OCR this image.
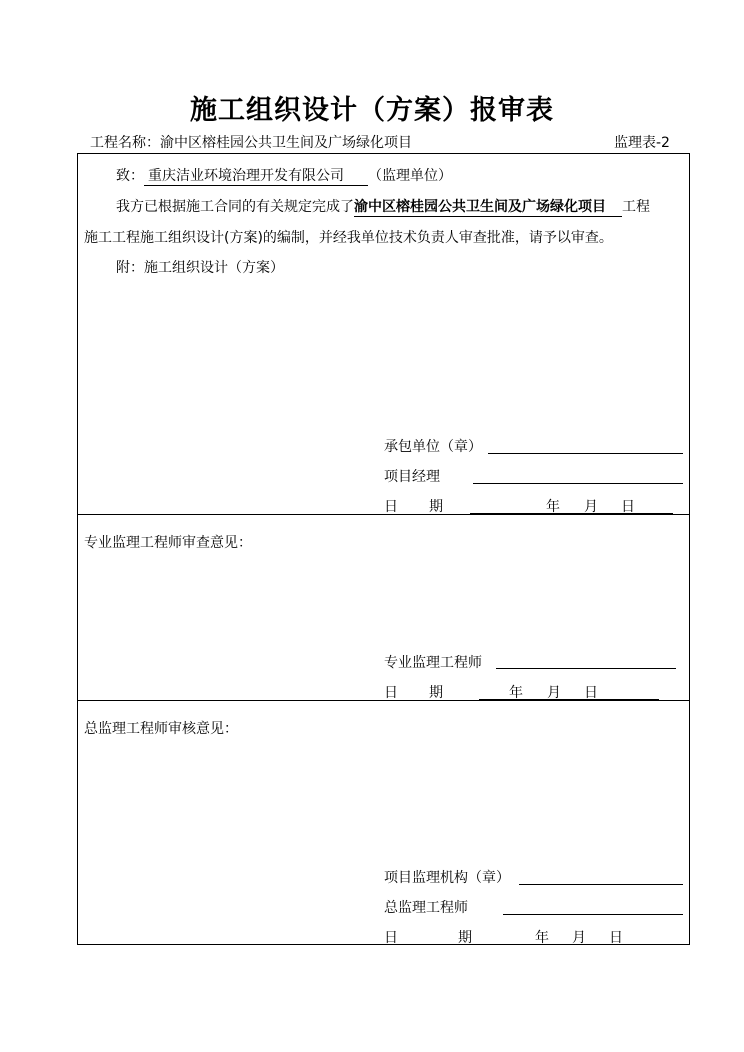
施工组织设计（方案）报审表
工程名称：渝中区榕桂园公共卫生间及广场绿化项目	监理表-2
致： 重庆洁业环境治理开发有限公司 （监理单位）
我方已根据施工合同的有关规定完成了渝中区榕桂园公共卫生间及广场绿化项目 工程
施工工程施工组织设计(方案)的编制，并经我单位技术负责人审查批准，请予以审查。
附：施工组织设计（方案）
承包单位（章）
项目经理
日 期	年 月 日
专业监理工程师审查意见：
专业监理工程师
日 期	年 月 日
总监理工程师审核意见：
项目监理机构（章）
总监理工程师
日	期	年 月 日
